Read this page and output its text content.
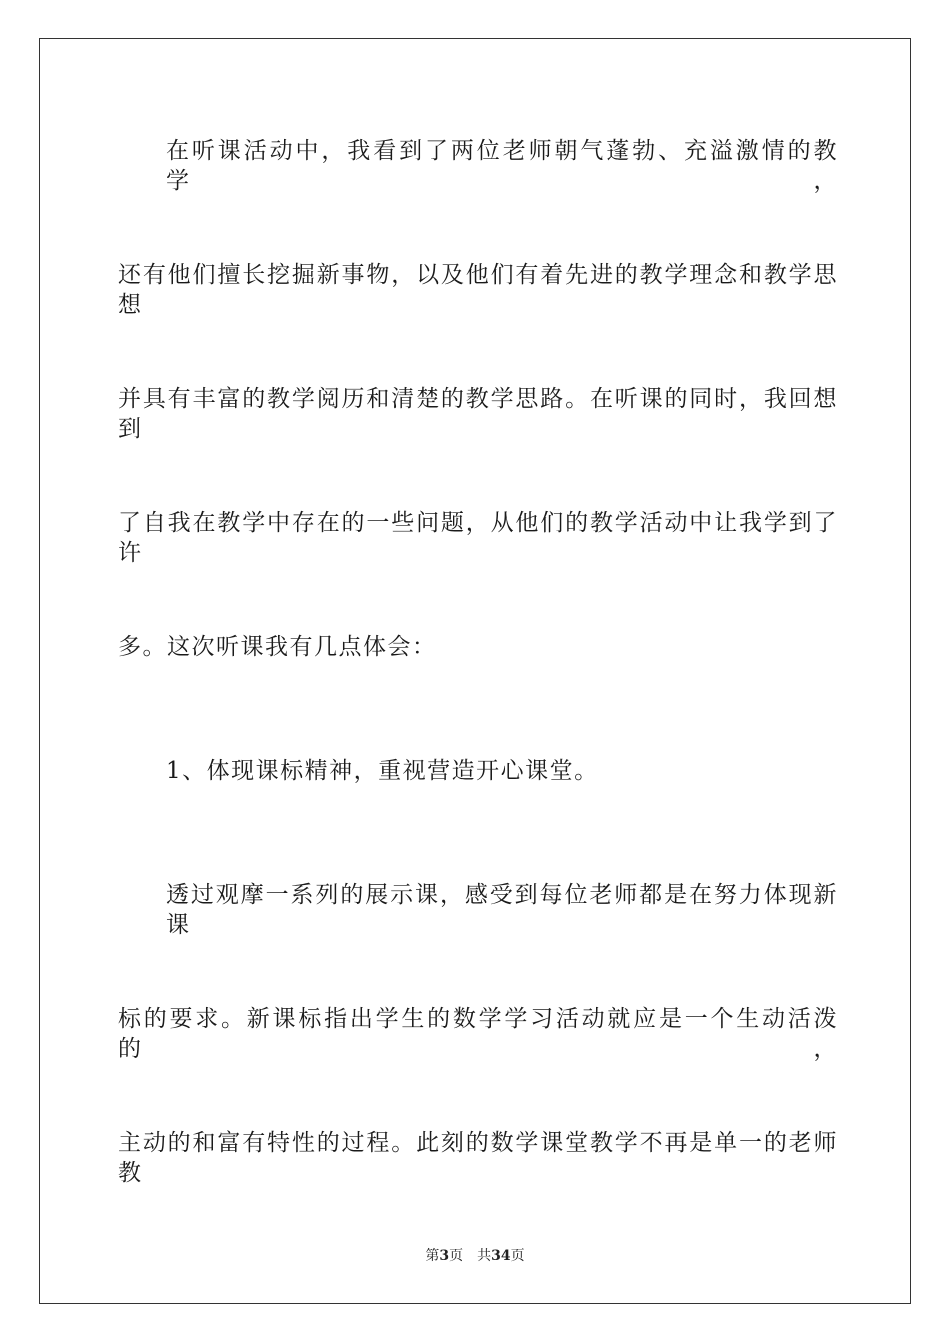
在听课活动中，我看到了两位老师朝气蓬勃、充溢激情的教学，
还有他们擅长挖掘新事物，以及他们有着先进的教学理念和教学思想
并具有丰富的教学阅历和清楚的教学思路。在听课的同时，我回想到
了自我在教学中存在的一些问题，从他们的教学活动中让我学到了许
多。这次听课我有几点体会：
1、体现课标精神，重视营造开心课堂。
透过观摩一系列的展示课，感受到每位老师都是在努力体现新课
标的要求。新课标指出学生的数学学习活动就应是一个生动活泼的，
主动的和富有特性的过程。此刻的数学课堂教学不再是单一的老师教
第3页 共34页
